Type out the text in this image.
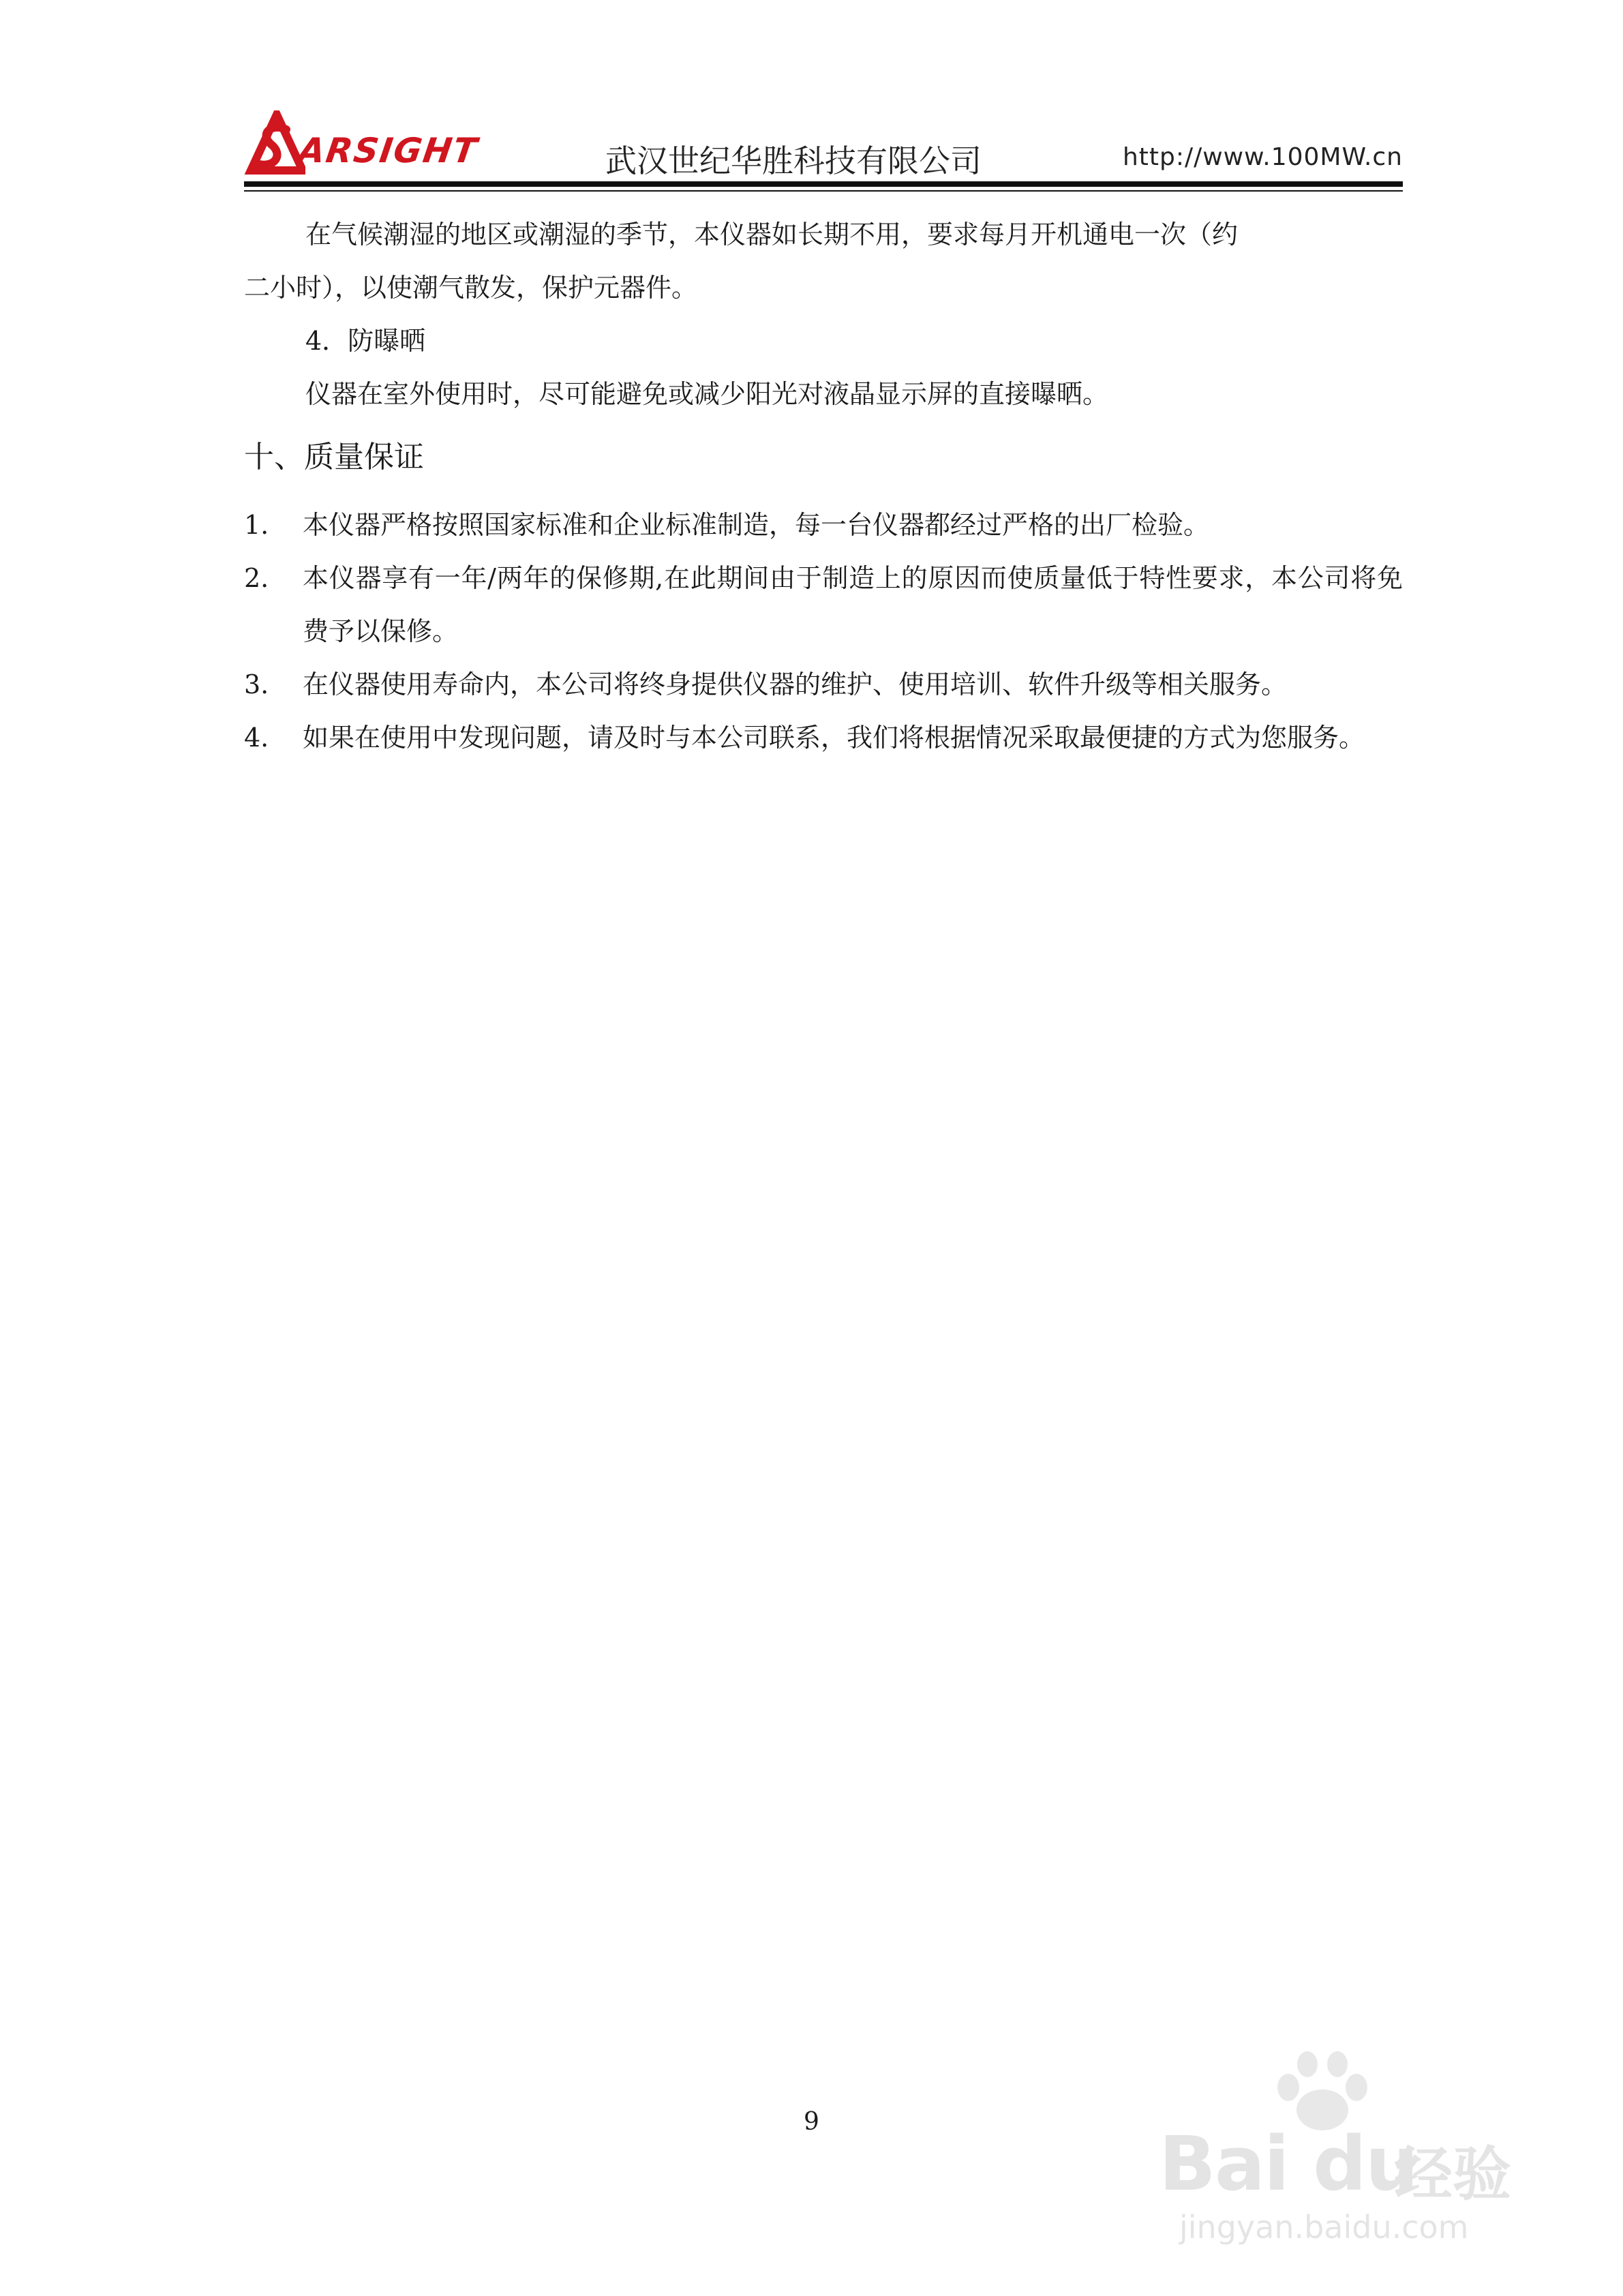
ARSIGHT	武汉世纪华胜科技有限公司	http://www.100MW.cn

在气候潮湿的地区或潮湿的季节，本仪器如长期不用，要求每月开机通电一次（约

二小时），以使潮气散发，保护元器件。

4．防曝晒

仪器在室外使用时，尽可能避免或减少阳光对液晶显示屏的直接曝晒。

十、质量保证

1.	本仪器严格按照国家标准和企业标准制造，每一台仪器都经过严格的出厂检验。
2.	本仪器享有一年/两年的保修期,在此期间由于制造上的原因而使质量低于特性要求，本公司将免费予以保修。
3.	在仪器使用寿命内，本公司将终身提供仪器的维护、使用培训、软件升级等相关服务。
4.	如果在使用中发现问题，请及时与本公司联系，我们将根据情况采取最便捷的方式为您服务。
9	Bai du
经验
jingyan.baidu.com
